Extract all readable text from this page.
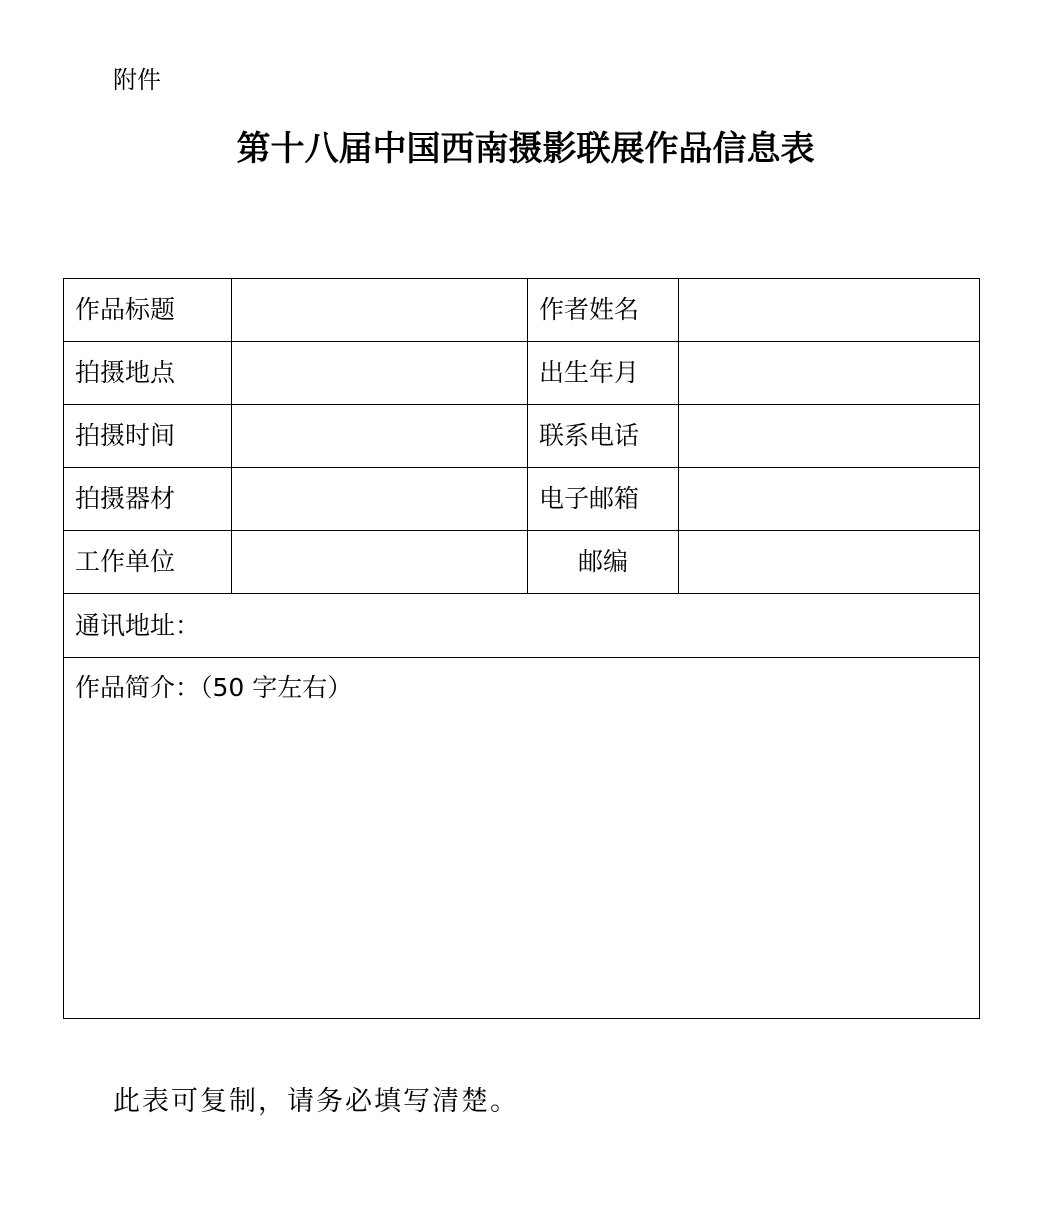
附件
第十八届中国西南摄影联展作品信息表
作品标题		作者姓名	
拍摄地点		出生年月	
拍摄时间		联系电话	
拍摄器材		电子邮箱	
工作单位		邮编	
通讯地址：			
作品简介：（50 字左右）			
此表可复制，请务必填写清楚。
